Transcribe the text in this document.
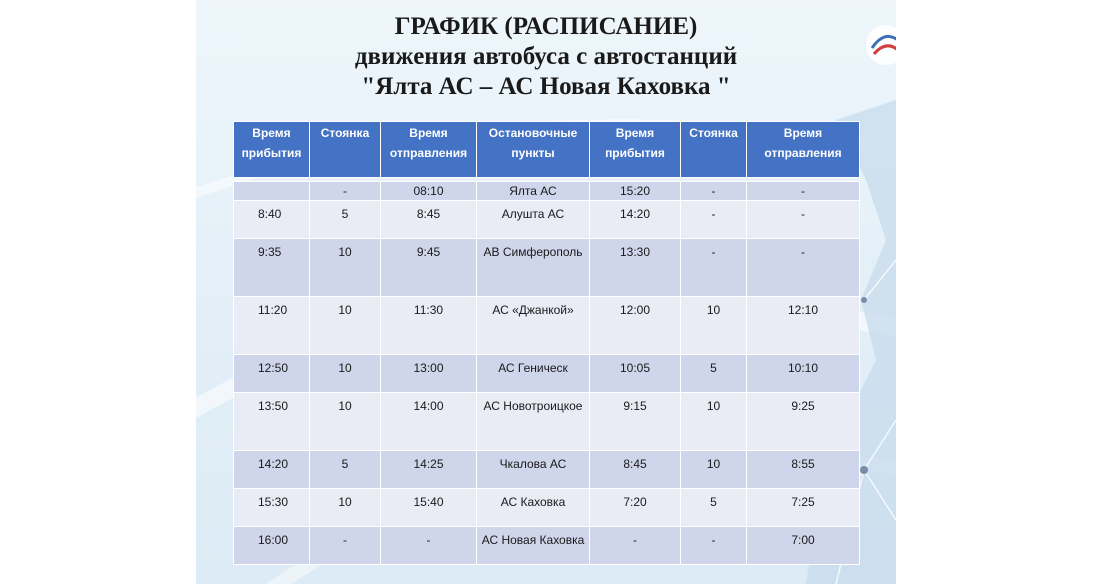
ГРАФИК (РАСПИСАНИЕ)
движения автобуса с автостанций
"Ялта АС – АС Новая Каховка "
Время прибытия	Стоянка	Время отправления	Остановочные пункты	Время прибытия	Стоянка	Время отправления

	-	08:10	Ялта АС	15:20	-	-
8:40	5	8:45	Алушта АС	14:20	-	-
9:35	10	9:45	АВ Симферополь	13:30	-	-
11:20	10	11:30	АС «Джанкой»	12:00	10	12:10
12:50	10	13:00	АС Геническ	10:05	5	10:10
13:50	10	14:00	АС Новотроицкое	9:15	10	9:25
14:20	5	14:25	Чкалова АС	8:45	10	8:55
15:30	10	15:40	АС Каховка	7:20	5	7:25
16:00	-	-	АС Новая Каховка	-	-	7:00
